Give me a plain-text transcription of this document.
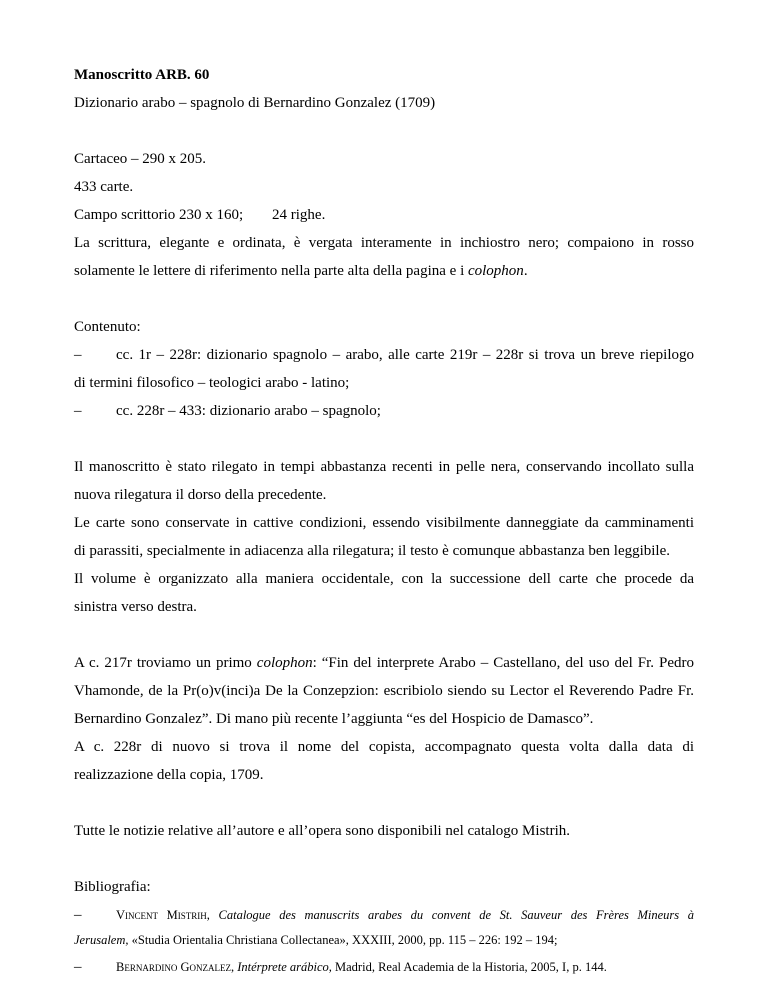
Manoscritto ARB. 60
Dizionario arabo – spagnolo di Bernardino Gonzalez (1709)
Cartaceo – 290 x 205.
433 carte.
Campo scrittorio 230 x 160; 24 righe.
La scrittura, elegante e ordinata, è vergata interamente in inchiostro nero; compaiono in rosso
solamente le lettere di riferimento nella parte alta della pagina e i colophon.
Contenuto:
– cc. 1r – 228r: dizionario spagnolo – arabo, alle carte 219r – 228r si trova un breve riepilogo
di termini filosofico – teologici arabo - latino;
– cc. 228r – 433: dizionario arabo – spagnolo;
Il manoscritto è stato rilegato in tempi abbastanza recenti in pelle nera, conservando incollato sulla
nuova rilegatura il dorso della precedente.
Le carte sono conservate in cattive condizioni, essendo visibilmente danneggiate da camminamenti
di parassiti, specialmente in adiacenza alla rilegatura; il testo è comunque abbastanza ben leggibile.
Il volume è organizzato alla maniera occidentale, con la successione dell carte che procede da
sinistra verso destra.
A c. 217r troviamo un primo colophon: “Fin del interprete Arabo – Castellano, del uso del Fr. Pedro
Vhamonde, de la Pr(o)v(inci)a De la Conzepzion: escribiolo siendo su Lector el Reverendo Padre Fr.
Bernardino Gonzalez”. Di mano più recente l’aggiunta “es del Hospicio de Damasco”.
A c. 228r di nuovo si trova il nome del copista, accompagnato questa volta dalla data di
realizzazione della copia, 1709.
Tutte le notizie relative all’autore e all’opera sono disponibili nel catalogo Mistrih.
Bibliografia:
–	Vincent Mistrih, Catalogue des manuscrits arabes du convent de St. Sauveur des Frères Mineurs à
Jerusalem, «Studia Orientalia Christiana Collectanea», XXXIII, 2000, pp. 115 – 226: 192 – 194;
–	Bernardino Gonzalez, Intérprete arábico, Madrid, Real Academia de la Historia, 2005, I, p. 144.
